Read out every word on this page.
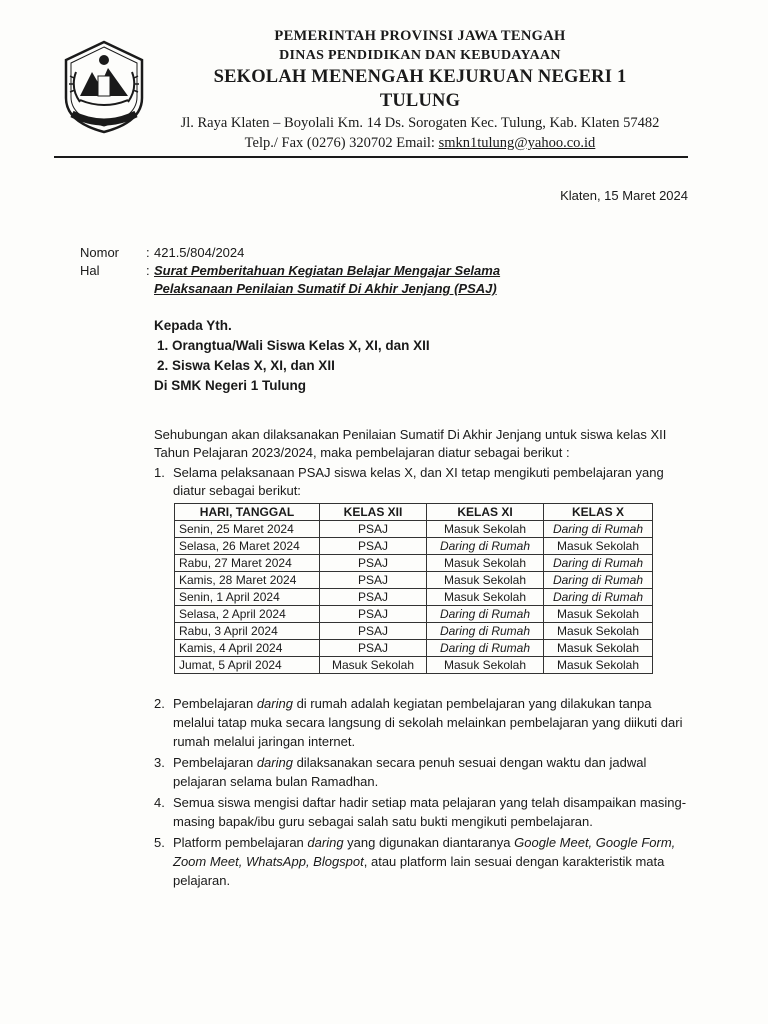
PEMERINTAH PROVINSI JAWA TENGAH
DINAS PENDIDIKAN DAN KEBUDAYAAN
SEKOLAH MENENGAH KEJURUAN NEGERI 1
TULUNG
Jl. Raya Klaten – Boyolali Km. 14 Ds. Sorogaten Kec. Tulung, Kab. Klaten 57482
Telp./ Fax (0276) 320702 Email: smkn1tulung@yahoo.co.id
Klaten, 15 Maret 2024
Nomor	: 421.5/804/2024
Hal	: Surat Pemberitahuan Kegiatan Belajar Mengajar Selama
Pelaksanaan Penilaian Sumatif Di Akhir Jenjang (PSAJ)
Kepada Yth.
1. Orangtua/Wali Siswa Kelas X, XI, dan XII
2. Siswa Kelas X, XI, dan XII
Di SMK Negeri 1 Tulung
Sehubungan akan dilaksanakan Penilaian Sumatif Di Akhir Jenjang untuk siswa kelas XII Tahun Pelajaran 2023/2024, maka pembelajaran diatur sebagai berikut :
1. Selama pelaksanaan PSAJ siswa kelas X, dan XI tetap mengikuti pembelajaran yang diatur sebagai berikut:
HARI, TANGGAL	KELAS XII	KELAS XI	KELAS X
Senin, 25 Maret 2024	PSAJ	Masuk Sekolah	Daring di Rumah
Selasa, 26 Maret 2024	PSAJ	Daring di Rumah	Masuk Sekolah
Rabu, 27 Maret 2024	PSAJ	Masuk Sekolah	Daring di Rumah
Kamis, 28 Maret 2024	PSAJ	Masuk Sekolah	Daring di Rumah
Senin, 1 April 2024	PSAJ	Masuk Sekolah	Daring di Rumah
Selasa, 2 April 2024	PSAJ	Daring di Rumah	Masuk Sekolah
Rabu, 3 April 2024	PSAJ	Daring di Rumah	Masuk Sekolah
Kamis, 4 April 2024	PSAJ	Daring di Rumah	Masuk Sekolah
Jumat, 5 April 2024	Masuk Sekolah	Masuk Sekolah	Masuk Sekolah
2. Pembelajaran daring di rumah adalah kegiatan pembelajaran yang dilakukan tanpa melalui tatap muka secara langsung di sekolah melainkan pembelajaran yang diikuti dari rumah melalui jaringan internet.
3. Pembelajaran daring dilaksanakan secara penuh sesuai dengan waktu dan jadwal pelajaran selama bulan Ramadhan.
4. Semua siswa mengisi daftar hadir setiap mata pelajaran yang telah disampaikan masing-masing bapak/ibu guru sebagai salah satu bukti mengikuti pembelajaran.
5. Platform pembelajaran daring yang digunakan diantaranya Google Meet, Google Form, Zoom Meet, WhatsApp, Blogspot, atau platform lain sesuai dengan karakteristik mata pelajaran.
